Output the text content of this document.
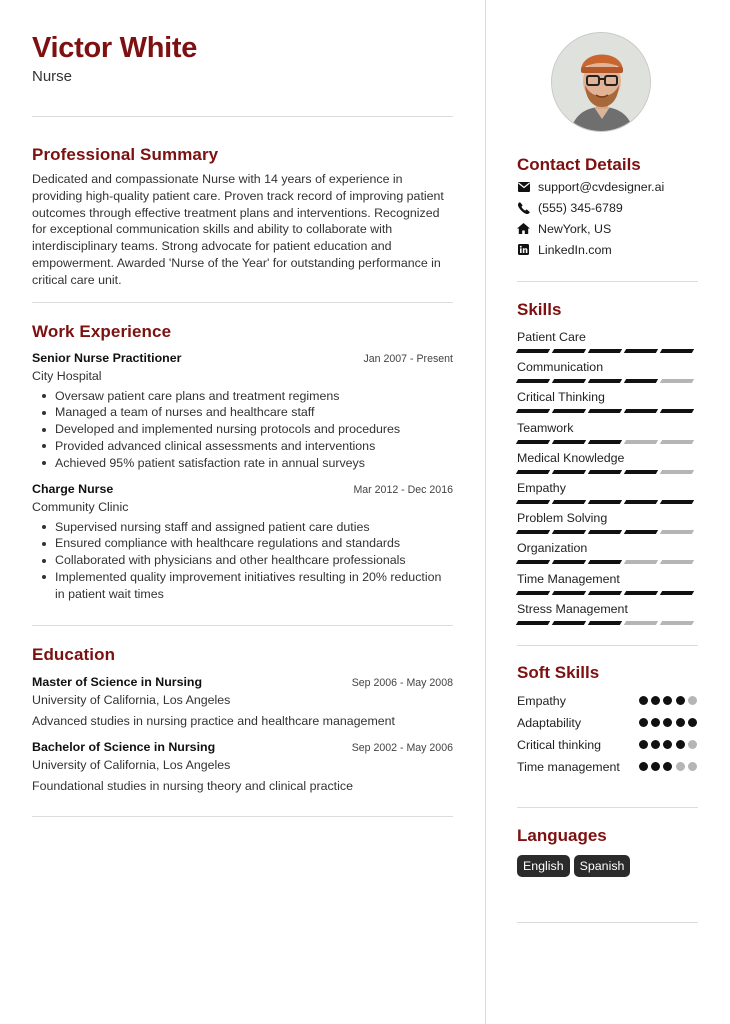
Victor White
Nurse
Professional Summary
Dedicated and compassionate Nurse with 14 years of experience in providing high-quality patient care. Proven track record of improving patient outcomes through effective treatment plans and interventions. Recognized for exceptional communication skills and ability to collaborate with interdisciplinary teams. Strong advocate for patient education and empowerment. Awarded 'Nurse of the Year' for outstanding performance in critical care unit.
Work Experience
Senior Nurse Practitioner	Jan 2007 - Present
City Hospital
Oversaw patient care plans and treatment regimens
Managed a team of nurses and healthcare staff
Developed and implemented nursing protocols and procedures
Provided advanced clinical assessments and interventions
Achieved 95% patient satisfaction rate in annual surveys
Charge Nurse	Mar 2012 - Dec 2016
Community Clinic
Supervised nursing staff and assigned patient care duties
Ensured compliance with healthcare regulations and standards
Collaborated with physicians and other healthcare professionals
Implemented quality improvement initiatives resulting in 20% reduction in patient wait times
Education
Master of Science in Nursing	Sep 2006 - May 2008
University of California, Los Angeles
Advanced studies in nursing practice and healthcare management
Bachelor of Science in Nursing	Sep 2002 - May 2006
University of California, Los Angeles
Foundational studies in nursing theory and clinical practice
Contact Details
support@cvdesigner.ai
(555) 345-6789
NewYork, US
LinkedIn.com
Skills
Patient Care
Communication
Critical Thinking
Teamwork
Medical Knowledge
Empathy
Problem Solving
Organization
Time Management
Stress Management
Soft Skills
Empathy
Adaptability
Critical thinking
Time management
Languages
English	Spanish
